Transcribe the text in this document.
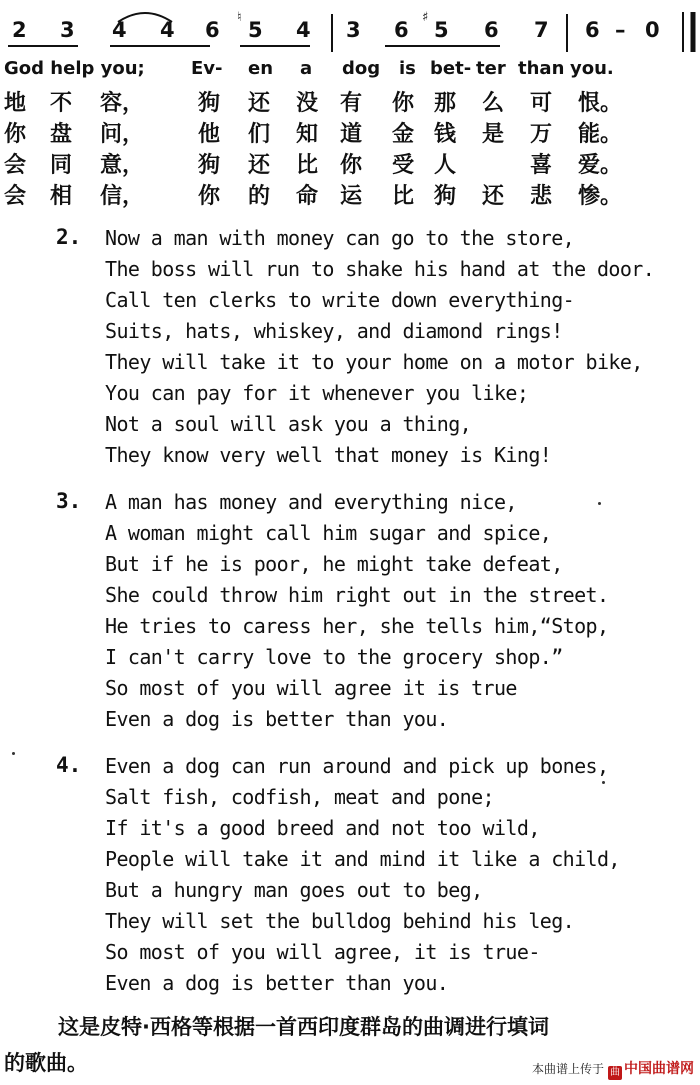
2 3 4 4 6
♮
5 4 3 6
♯
5 6 7 6 – 0
God help you;	Ev- en a dog is bet- ter than you.
地 不 容， 狗 还 没 有 你 那 么 可 恨。
你 盘 问， 他 们 知 道 金 钱 是 万 能。
会 同 意， 狗 还 比 你 受 人	喜 爱。
会 相 信， 你 的 命 运 比 狗 还 悲 惨。
2. Now a man with money can go to the store,
The boss will run to shake his hand at the door.
Call ten clerks to write down everything-
Suits, hats, whiskey, and diamond rings!
They will take it to your home on a motor bike,
You can pay for it whenever you like;
Not a soul will ask you a thing,
They know very well that money is King!
3. A man has money and everything nice,
A woman might call him sugar and spice,
But if he is poor, he might take defeat,
She could throw him right out in the street.
He tries to caress her, she tells him,“Stop,
I can't carry love to the grocery shop.”
So most of you will agree it is true
Even a dog is better than you.
4. Even a dog can run around and pick up bones,
Salt fish, codfish, meat and pone;
If it's a good breed and not too wild,
People will take it and mind it like a child,
But a hungry man goes out to beg,
They will set the bulldog behind his leg.
So most of you will agree, it is true-
Even a dog is better than you.
这是皮特·西格等根据一首西印度群岛的曲调进行填词
的歌曲。	本曲谱上传于 曲 中国曲谱网
